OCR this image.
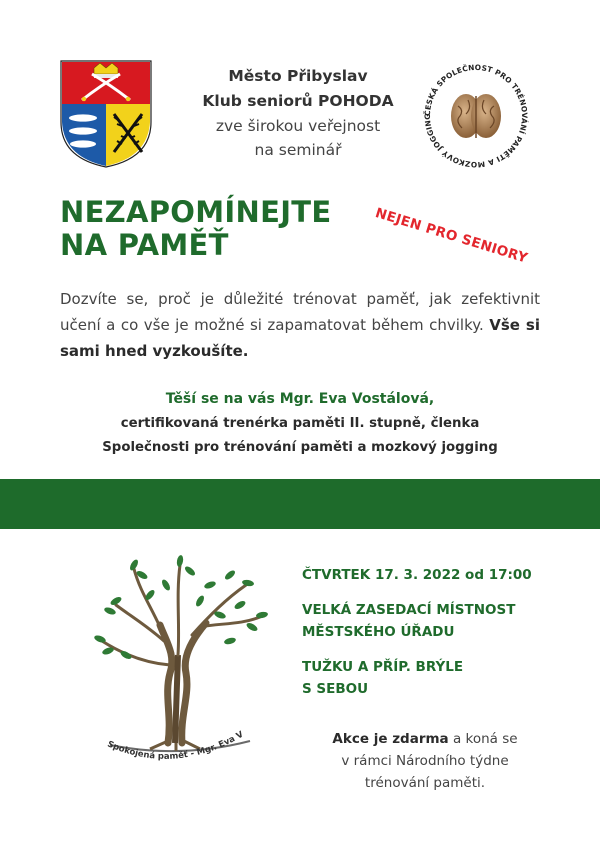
Město Přibyslav
Klub seniorů POHODA
zve širokou veřejnost
na seminář
ČESKÁ SPOLEČNOST PRO TRÉNOVÁNÍ PAMĚTI A MOZKOVÝ JOGGING
NEZAPOMÍNEJTE
NA PAMĚŤ	NEJEN PRO SENIORY

Dozvíte se, proč je důležité trénovat paměť, jak zefektivnit učení a co vše je možné si zapamatovat během chvilky. Vše si sami hned vyzkoušíte.

Těší se na vás Mgr. Eva Vostálová,
certifikovaná trenérka paměti II. stupně, členka
Společnosti pro trénování paměti a mozkový jogging
Spokojená paměť - Mgr. Eva V
ČTVRTEK 17. 3. 2022 od 17:00
VELKÁ ZASEDACÍ MÍSTNOST
MĚSTSKÉHO ÚŘADU
TUŽKU A PŘÍP. BRÝLE
S SEBOU
Akce je zdarma a koná se
v rámci Národního týdne
trénování paměti.
